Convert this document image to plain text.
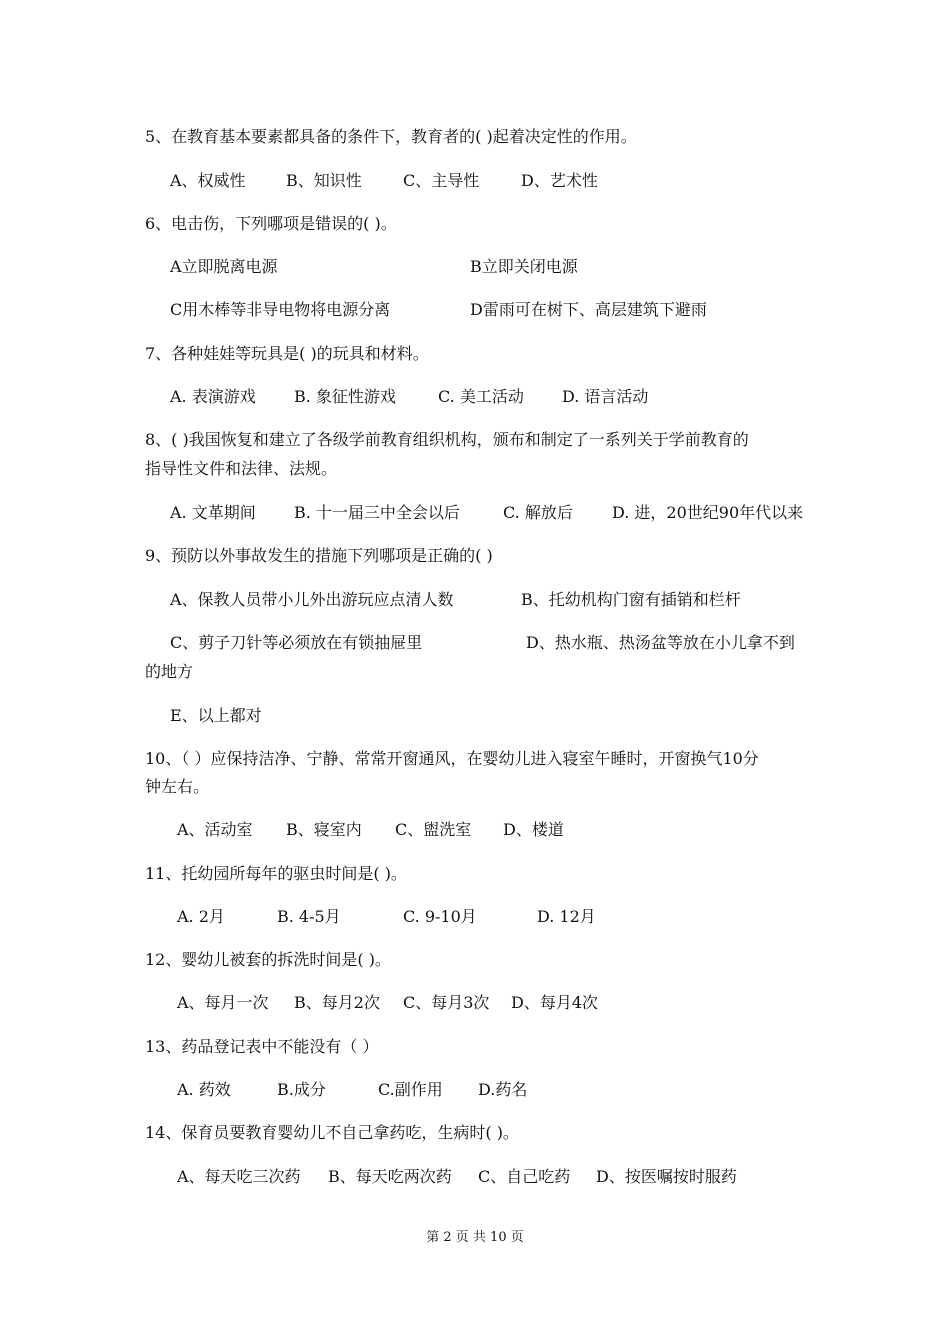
5、在教育基本要素都具备的条件下，教育者的( )起着决定性的作用。
A、权威性	B、知识性	C、主导性	D、艺术性
6、电击伤，下列哪项是错误的( )。
A立即脱离电源	B立即关闭电源
C用木棒等非导电物将电源分离	D雷雨可在树下、高层建筑下避雨
7、各种娃娃等玩具是( )的玩具和材料。
A. 表演游戏 B. 象征性游戏	C. 美工活动 D. 语言活动
8、( )我国恢复和建立了各级学前教育组织机构，颁布和制定了一系列关于学前教育的
指导性文件和法律、法规。
A. 文革期间 B. 十一届三中全会以后	C. 解放后 D. 进，20世纪90年代以来
9、预防以外事故发生的措施下列哪项是正确的( )
A、保教人员带小儿外出游玩应点清人数	B、托幼机构门窗有插销和栏杆
C、剪子刀针等必须放在有锁抽屉里	D、热水瓶、热汤盆等放在小儿拿不到
的地方
E、以上都对
10、（ ）应保持洁净、宁静、常常开窗通风，在婴幼儿进入寝室午睡时，开窗换气10分
钟左右。
A、活动室 B、寝室内 C、盥洗室 D、楼道
11、托幼园所每年的驱虫时间是( )。
A. 2月	B. 4-5月	C. 9-10月	D. 12月
12、婴幼儿被套的拆洗时间是( )。
A、每月一次 B、每月2次 C、每月3次 D、每月4次
13、药品登记表中不能没有（ ）
A. 药效	B.成分	C.副作用 D.药名
14、保育员要教育婴幼儿不自己拿药吃，生病时( )。
A、每天吃三次药 B、每天吃两次药 C、自己吃药 D、按医嘱按时服药
第 2 页 共 10 页
